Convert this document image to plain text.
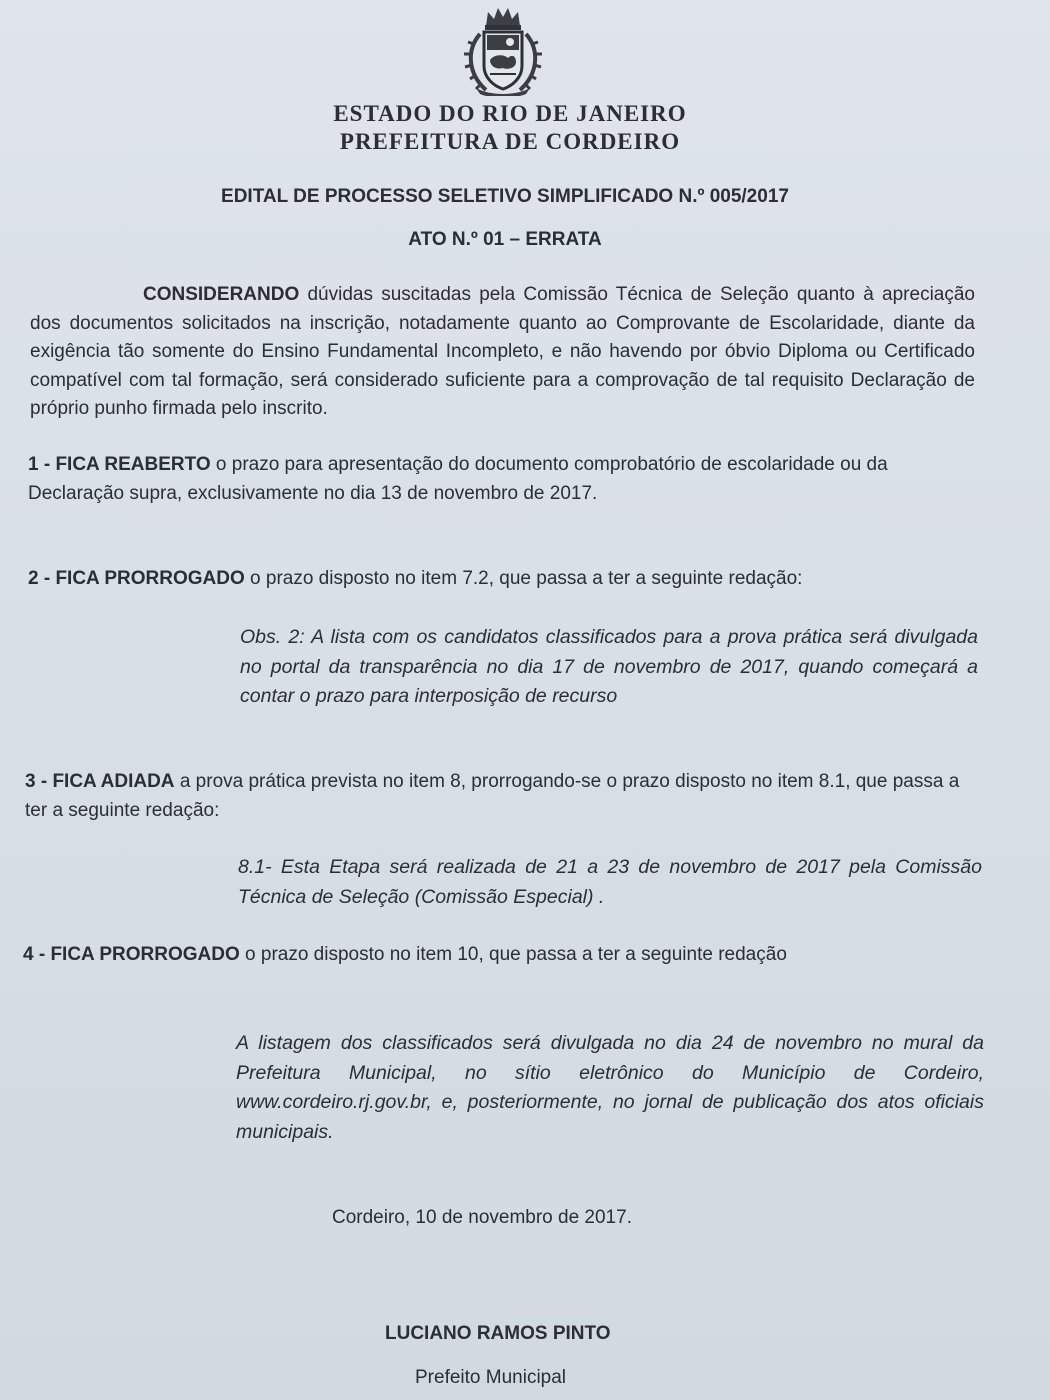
ESTADO DO RIO DE JANEIRO
PREFEITURA DE CORDEIRO
EDITAL DE PROCESSO SELETIVO SIMPLIFICADO N.º 005/2017
ATO N.º 01 – ERRATA
CONSIDERANDO dúvidas suscitadas pela Comissão Técnica de Seleção quanto à apreciação dos documentos solicitados na inscrição, notadamente quanto ao Comprovante de Escolaridade, diante da exigência tão somente do Ensino Fundamental Incompleto, e não havendo por óbvio Diploma ou Certificado compatível com tal formação, será considerado suficiente para a comprovação de tal requisito Declaração de próprio punho firmada pelo inscrito.
1 - FICA REABERTO o prazo para apresentação do documento comprobatório de escolaridade ou da Declaração supra, exclusivamente no dia 13 de novembro de 2017.
2 - FICA PRORROGADO o prazo disposto no item 7.2, que passa a ter a seguinte redação:
Obs. 2: A lista com os candidatos classificados para a prova prática será divulgada no portal da transparência no dia 17 de novembro de 2017, quando começará a contar o prazo para interposição de recurso
3 - FICA ADIADA a prova prática prevista no item 8, prorrogando-se o prazo disposto no item 8.1, que passa a ter a seguinte redação:
8.1- Esta Etapa será realizada de 21 a 23 de novembro de 2017 pela Comissão Técnica de Seleção (Comissão Especial) .
4 - FICA PRORROGADO o prazo disposto no item 10, que passa a ter a seguinte redação
A listagem dos classificados será divulgada no dia 24 de novembro no mural da Prefeitura Municipal, no sítio eletrônico do Município de Cordeiro, www.cordeiro.rj.gov.br, e, posteriormente, no jornal de publicação dos atos oficiais municipais.
Cordeiro, 10 de novembro de 2017.
LUCIANO RAMOS PINTO
Prefeito Municipal
